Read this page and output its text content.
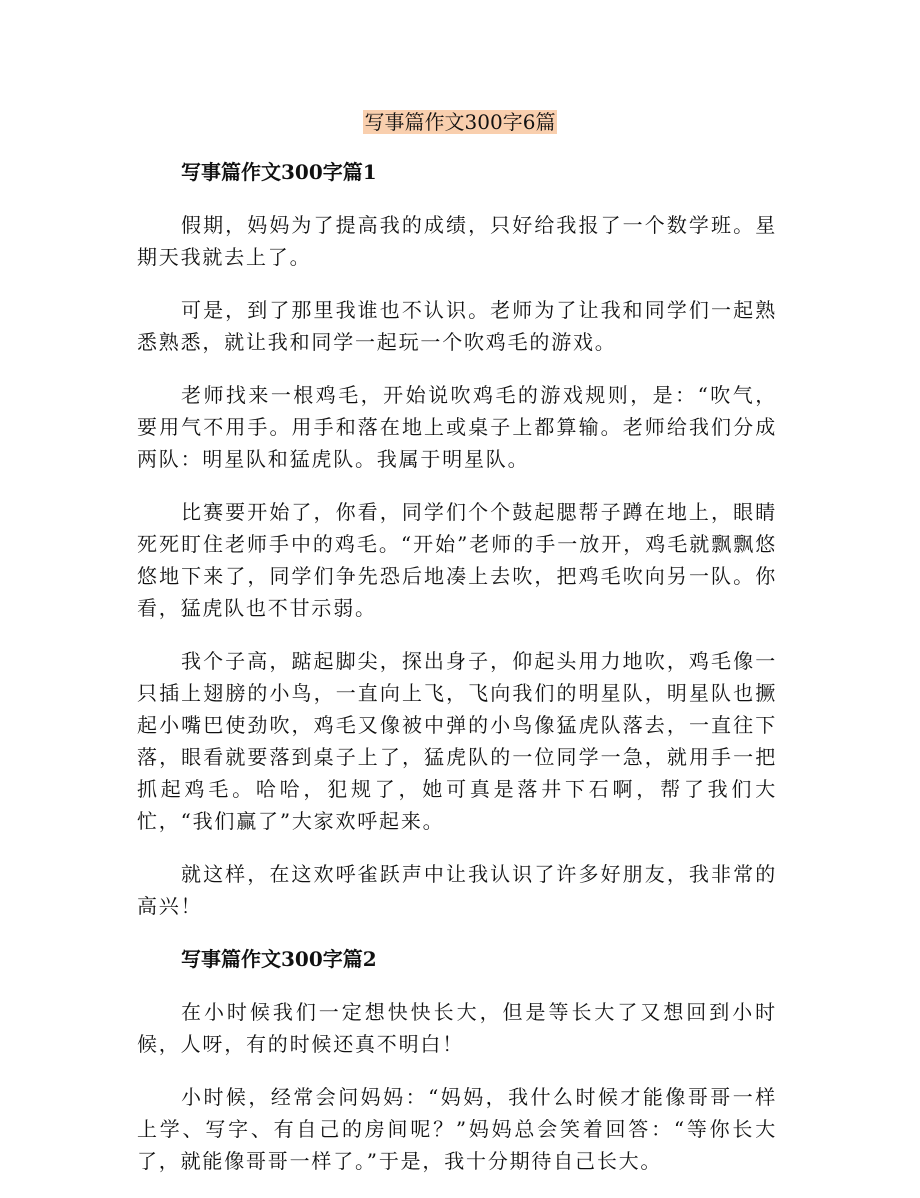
写事篇作文300字6篇
写事篇作文300字篇1

假期，妈妈为了提高我的成绩，只好给我报了一个数学班。星期天我就去上了。

可是，到了那里我谁也不认识。老师为了让我和同学们一起熟悉熟悉，就让我和同学一起玩一个吹鸡毛的游戏。

老师找来一根鸡毛，开始说吹鸡毛的游戏规则，是：“吹气，要用气不用手。用手和落在地上或桌子上都算输。老师给我们分成两队：明星队和猛虎队。我属于明星队。

比赛要开始了，你看，同学们个个鼓起腮帮子蹲在地上，眼睛死死盯住老师手中的鸡毛。“开始”老师的手一放开，鸡毛就飘飘悠悠地下来了，同学们争先恐后地凑上去吹，把鸡毛吹向另一队。你看，猛虎队也不甘示弱。

我个子高，踮起脚尖，探出身子，仰起头用力地吹，鸡毛像一只插上翅膀的小鸟，一直向上飞，飞向我们的明星队，明星队也撅起小嘴巴使劲吹，鸡毛又像被中弹的小鸟像猛虎队落去，一直往下落，眼看就要落到桌子上了，猛虎队的一位同学一急，就用手一把抓起鸡毛。哈哈，犯规了，她可真是落井下石啊，帮了我们大忙，“我们赢了”大家欢呼起来。

就这样，在这欢呼雀跃声中让我认识了许多好朋友，我非常的高兴！

写事篇作文300字篇2

在小时候我们一定想快快长大，但是等长大了又想回到小时候，人呀，有的时候还真不明白！

小时候，经常会问妈妈：“妈妈，我什么时候才能像哥哥一样上学、写字、有自己的房间呢？”妈妈总会笑着回答：“等你长大了，就能像哥哥一样了。”于是，我十分期待自己长大。
